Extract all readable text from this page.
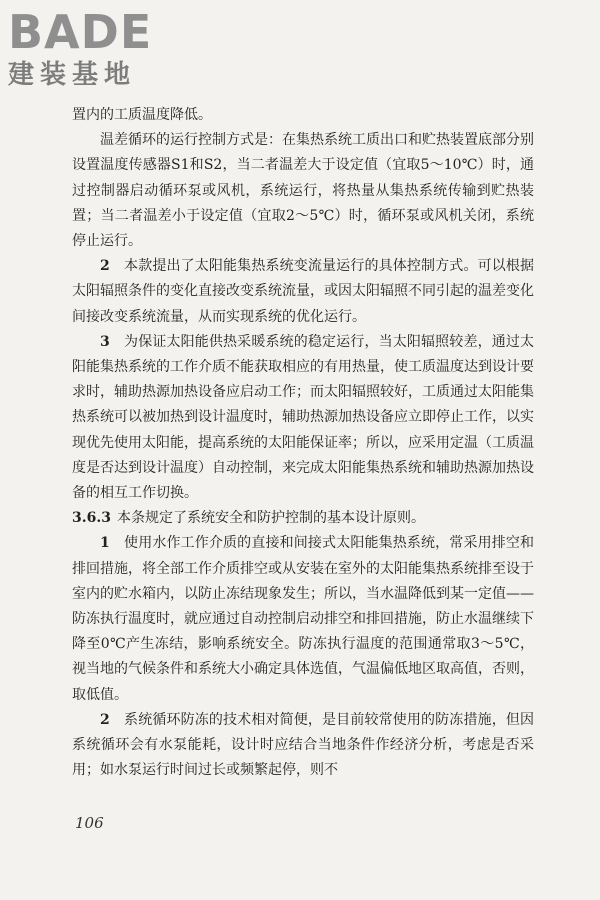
BADE
建装基地

置内的工质温度降低。

温差循环的运行控制方式是：在集热系统工质出口和贮热装置底部分别设置温度传感器S1和S2，当二者温差大于设定值（宜取5～10℃）时，通过控制器启动循环泵或风机，系统运行，将热量从集热系统传输到贮热装置；当二者温差小于设定值（宜取2～5℃）时，循环泵或风机关闭，系统停止运行。

2　 本款提出了太阳能集热系统变流量运行的具体控制方式。可以根据太阳辐照条件的变化直接改变系统流量，或因太阳辐照不同引起的温差变化间接改变系统流量，从而实现系统的优化运行。

3　 为保证太阳能供热采暖系统的稳定运行，当太阳辐照较差，通过太阳能集热系统的工作介质不能获取相应的有用热量，使工质温度达到设计要求时，辅助热源加热设备应启动工作；而太阳辐照较好，工质通过太阳能集热系统可以被加热到设计温度时，辅助热源加热设备应立即停止工作，以实现优先使用太阳能，提高系统的太阳能保证率；所以，应采用定温（工质温度是否达到设计温度）自动控制，来完成太阳能集热系统和辅助热源加热设备的相互工作切换。

3.6.3 本条规定了系统安全和防护控制的基本设计原则。

1　 使用水作工作介质的直接和间接式太阳能集热系统，常采用排空和排回措施，将全部工作介质排空或从安装在室外的太阳能集热系统排至设于室内的贮水箱内，以防止冻结现象发生；所以，当水温降低到某一定值——防冻执行温度时，就应通过自动控制启动排空和排回措施，防止水温继续下降至0℃产生冻结，影响系统安全。防冻执行温度的范围通常取3～5℃，视当地的气候条件和系统大小确定具体选值，气温偏低地区取高值，否则，取低值。

2　 系统循环防冻的技术相对简便，是目前较常使用的防冻措施，但因系统循环会有水泵能耗，设计时应结合当地条件作经济分析，考虑是否采用；如水泵运行时间过长或频繁起停，则不

106
